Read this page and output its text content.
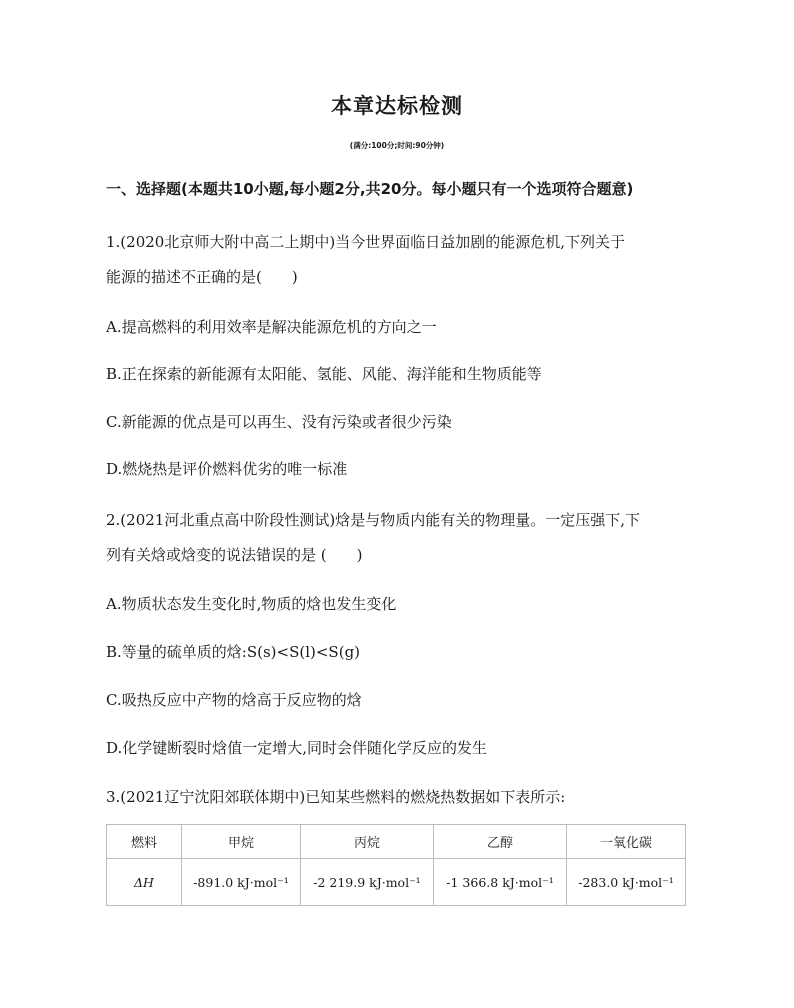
本章达标检测
(满分:100分;时间:90分钟)
一、选择题(本题共10小题,每小题2分,共20分。每小题只有一个选项符合题意)
1.(2020北京师大附中高二上期中)当今世界面临日益加剧的能源危机,下列关于
能源的描述不正确的是(　　)
A.提高燃料的利用效率是解决能源危机的方向之一
B.正在探索的新能源有太阳能、氢能、风能、海洋能和生物质能等
C.新能源的优点是可以再生、没有污染或者很少污染
D.燃烧热是评价燃料优劣的唯一标准
2.(2021河北重点高中阶段性测试)焓是与物质内能有关的物理量。一定压强下,下
列有关焓或焓变的说法错误的是 (　　)
A.物质状态发生变化时,物质的焓也发生变化
B.等量的硫单质的焓:S(s)<S(l)<S(g)
C.吸热反应中产物的焓高于反应物的焓
D.化学键断裂时焓值一定增大,同时会伴随化学反应的发生
3.(2021辽宁沈阳郊联体期中)已知某些燃料的燃烧热数据如下表所示:
燃料	甲烷	丙烷	乙醇	一氧化碳
ΔH	-891.0 kJ·mol⁻¹	-2 219.9 kJ·mol⁻¹	-1 366.8 kJ·mol⁻¹	-283.0 kJ·mol⁻¹
